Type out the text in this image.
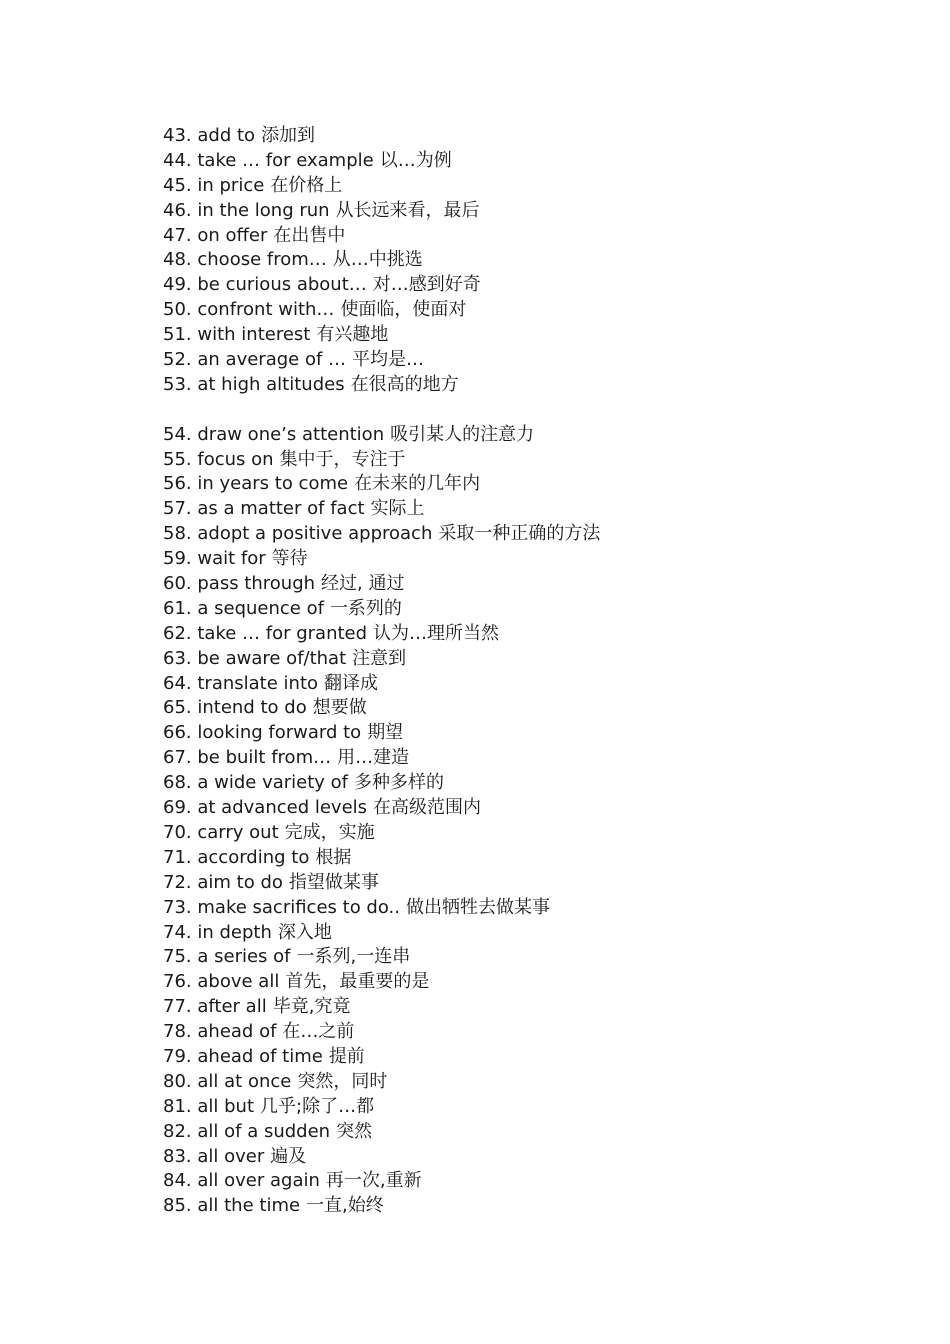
43. add to 添加到
44. take … for example 以…为例
45. in price 在价格上
46. in the long run 从长远来看，最后
47. on offer 在出售中
48. choose from… 从…中挑选
49. be curious about… 对…感到好奇
50. confront with… 使面临，使面对
51. with interest 有兴趣地
52. an average of … 平均是…
53. at high altitudes 在很高的地方
54. draw one’s attention 吸引某人的注意力
55. focus on 集中于，专注于
56. in years to come 在未来的几年内
57. as a matter of fact 实际上
58. adopt a positive approach 采取一种正确的方法
59. wait for 等待
60. pass through 经过, 通过
61. a sequence of 一系列的
62. take … for granted 认为…理所当然
63. be aware of/that 注意到
64. translate into 翻译成
65. intend to do 想要做
66. looking forward to 期望
67. be built from… 用…建造
68. a wide variety of 多种多样的
69. at advanced levels 在高级范围内
70. carry out 完成，实施
71. according to 根据
72. aim to do 指望做某事
73. make sacrifices to do.. 做出牺牲去做某事
74. in depth 深入地
75. a series of 一系列,一连串
76. above all 首先，最重要的是
77. after all 毕竟,究竟
78. ahead of 在…之前
79. ahead of time 提前
80. all at once 突然，同时
81. all but 几乎;除了…都
82. all of a sudden 突然
83. all over 遍及
84. all over again 再一次,重新
85. all the time 一直,始终
